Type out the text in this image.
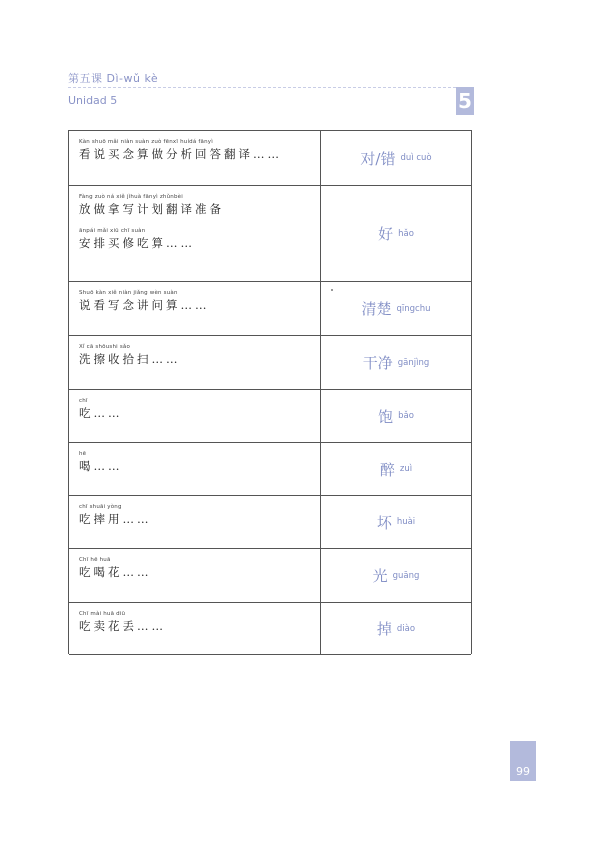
第五课 Dì-wǔ kè
Unidad 5	5
Kàn shuō mǎi niàn suàn zuò fēnxī huídá fānyì
看说买念算做分析回答翻译……	对/错 duì cuò
Fàng zuò ná xiě jìhuà fānyì zhǔnbèi
放做拿写计划翻译准备
ānpái mǎi xiū chī suàn
安排买修吃算……	好 hǎo
Shuō kàn xiě niàn jiǎng wèn suàn
说看写念讲问算……	清楚 qīngchu
Xǐ cā shōushi sǎo
洗擦收拾扫……	干净 gānjìng
chī
吃……	饱 bǎo
hē
喝……	醉 zuì
chī shuāi yòng
吃摔用……	坏 huài
Chī hē huā
吃喝花……	光 guāng
Chī mài huā diū
吃卖花丢……	掉 diào
99
